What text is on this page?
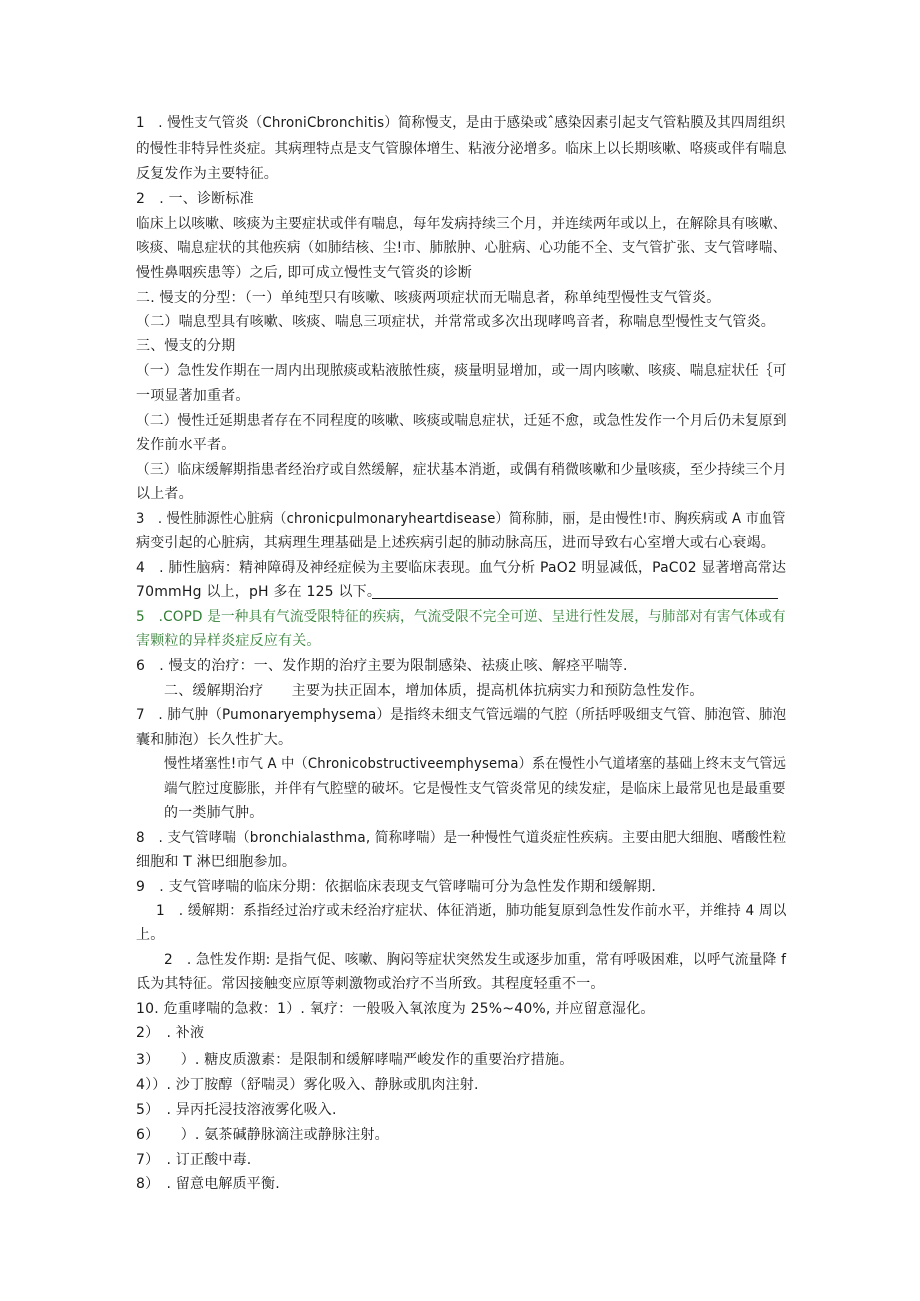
1　. 慢性支气管炎（ChroniCbronchitis）简称慢支，是由于感染或ˆ感染因素引起支气管粘膜及其四周组织
的慢性非特异性炎症。其病理特点是支气管腺体增生、粘液分泌增多。临床上以长期咳嗽、咯痰或伴有喘息
反复发作为主要特征。
2　. 一、诊断标准
临床上以咳嗽、咳痰为主要症状或伴有喘息，每年发病持续三个月，并连续两年或以上，在解除具有咳嗽、
咳痰、喘息症状的其他疾病（如肺结核、尘!市、肺脓肿、心脏病、心功能不全、支气管扩张、支气管哮喘、
慢性鼻咽疾患等）之后, 即可成立慢性支气管炎的诊断
二. 慢支的分型：（一）单纯型只有咳嗽、咳痰两项症状而无喘息者，称单纯型慢性支气管炎。
（二）喘息型具有咳嗽、咳痰、喘息三项症状，并常常或多次出现哮鸣音者，称喘息型慢性支气管炎。
三、慢支的分期
（一）急性发作期在一周内出现脓痰或粘液脓性痰，痰量明显增加，或一周内咳嗽、咳痰、喘息症状任｛可
一项显著加重者。
（二）慢性迁延期患者存在不同程度的咳嗽、咳痰或喘息症状，迁延不愈，或急性发作一个月后仍未复原到
发作前水平者。
（三）临床缓解期指患者经治疗或自然缓解，症状基本消逝，或偶有稍微咳嗽和少量咳痰，至少持续三个月
以上者。
3　. 慢性肺源性心脏病（chronicpulmonaryheartdisease）简称肺，丽，是由慢性!市、胸疾病或 A 市血管
病变引起的心脏病，其病理生理基础是上述疾病引起的肺动脉高压，进而导致右心室增大或右心衰竭。
4　. 肺性脑病：精神障碍及神经症候为主要临床表现。血气分析 PaO2 明显减低，PaC02 显著增高常达
70mmHg 以上，pH 多在 125 以下。
5　.COPD 是一种具有气流受限特征的疾病，气流受限不完全可逆、呈进行性发展，与肺部对有害气体或有
害颗粒的异样炎症反应有关。
6　. 慢支的治疗：一、发作期的治疗主要为限制感染、祛痰止咳、解痉平喘等.
二、缓解期治疗　　主要为扶正固本，增加体质，提高机体抗病实力和预防急性发作。
7　. 肺气肿（Pumonaryemphysema）是指终未细支气管远端的气腔（所括呼吸细支气管、肺泡管、肺泡
囊和肺泡）长久性扩大。
慢性堵塞性!市气 A 中（Chronicobstructiveemphysema）系在慢性小气道堵塞的基础上终末支气管远
端气腔过度膨胀，并伴有气腔壁的破坏。它是慢性支气管炎常见的续发症，是临床上最常见也是最重要
的一类肺气肿。
8　. 支气管哮喘（bronchialasthma, 简称哮喘）是一种慢性气道炎症性疾病。主要由肥大细胞、嗜酸性粒
细胞和 T 淋巴细胞参加。
9　. 支气管哮喘的临床分期：依据临床表现支气管哮喘可分为急性发作期和缓解期.
1　. 缓解期：系指经过治疗或未经治疗症状、体征消逝，肺功能复原到急性发作前水平，并维持 4 周以
上。
2　. 急性发作期: 是指气促、咳嗽、胸闷等症状突然发生或逐步加重，常有呼吸困难，以呼气流量降 f
氐为其特征。常因接触变应原等刺激物或治疗不当所致。其程度轻重不一。
10. 危重哮喘的急救：1）. 氧疗：一般吸入氧浓度为 25%~40%, 并应留意湿化。
2）　. 补液
3）　　）. 糖皮质激素：是限制和缓解哮喘严峻发作的重要治疗措施。
4））. 沙丁胺醇（舒喘灵）雾化吸入、静脉或肌肉注射.
5）　. 异丙托浸技溶液雾化吸入.
6）　　）. 氨茶碱静脉滴注或静脉注射。
7）　. 订正酸中毒.
8）　. 留意电解质平衡.
